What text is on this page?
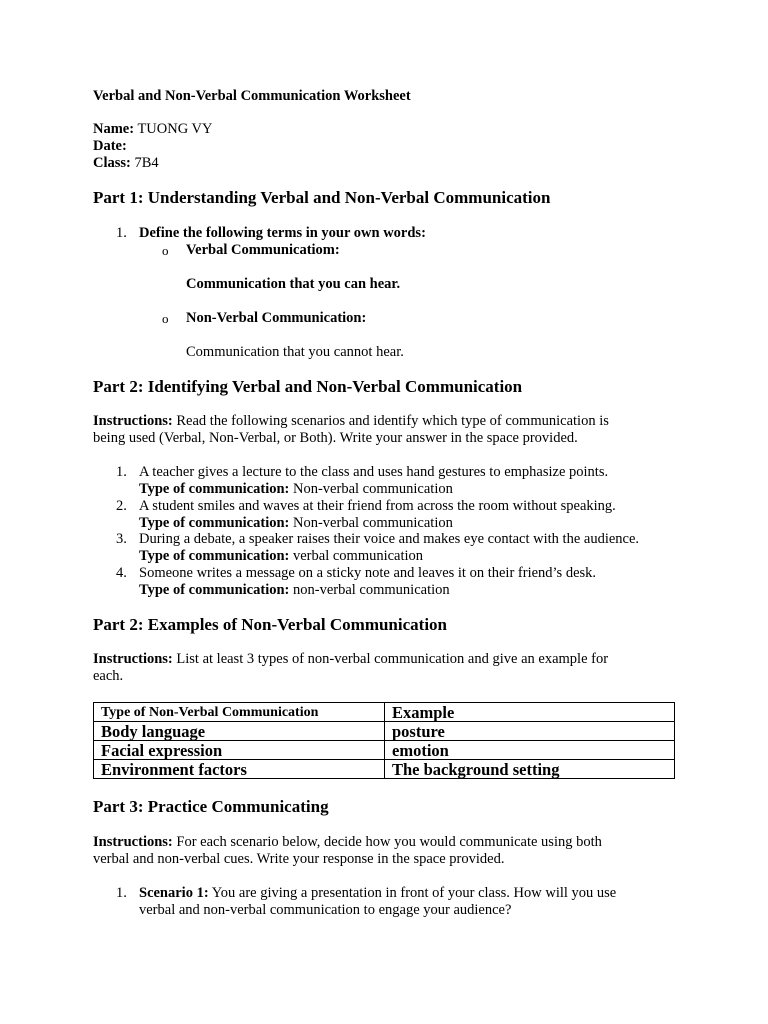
Verbal and Non-Verbal Communication Worksheet
Name: TUONG VY
Date:
Class: 7B4
Part 1: Understanding Verbal and Non-Verbal Communication
1. Define the following terms in your own words:
o Verbal Communicatiom:
Communication that you can hear.
o Non-Verbal Communication:
Communication that you cannot hear.
Part 2: Identifying Verbal and Non-Verbal Communication
Instructions: Read the following scenarios and identify which type of communication is
being used (Verbal, Non-Verbal, or Both). Write your answer in the space provided.
1. A teacher gives a lecture to the class and uses hand gestures to emphasize points.
Type of communication: Non-verbal communication
2. A student smiles and waves at their friend from across the room without speaking.
Type of communication: Non-verbal communication
3. During a debate, a speaker raises their voice and makes eye contact with the audience.
Type of communication: verbal communication
4. Someone writes a message on a sticky note and leaves it on their friend’s desk.
Type of communication: non-verbal communication
Part 2: Examples of Non-Verbal Communication
Instructions: List at least 3 types of non-verbal communication and give an example for
each.
Type of Non-Verbal Communication	Example
Body language	posture
Facial expression	emotion
Environment factors	The background setting
Part 3: Practice Communicating
Instructions: For each scenario below, decide how you would communicate using both
verbal and non-verbal cues. Write your response in the space provided.
1. Scenario 1: You are giving a presentation in front of your class. How will you use
verbal and non-verbal communication to engage your audience?
